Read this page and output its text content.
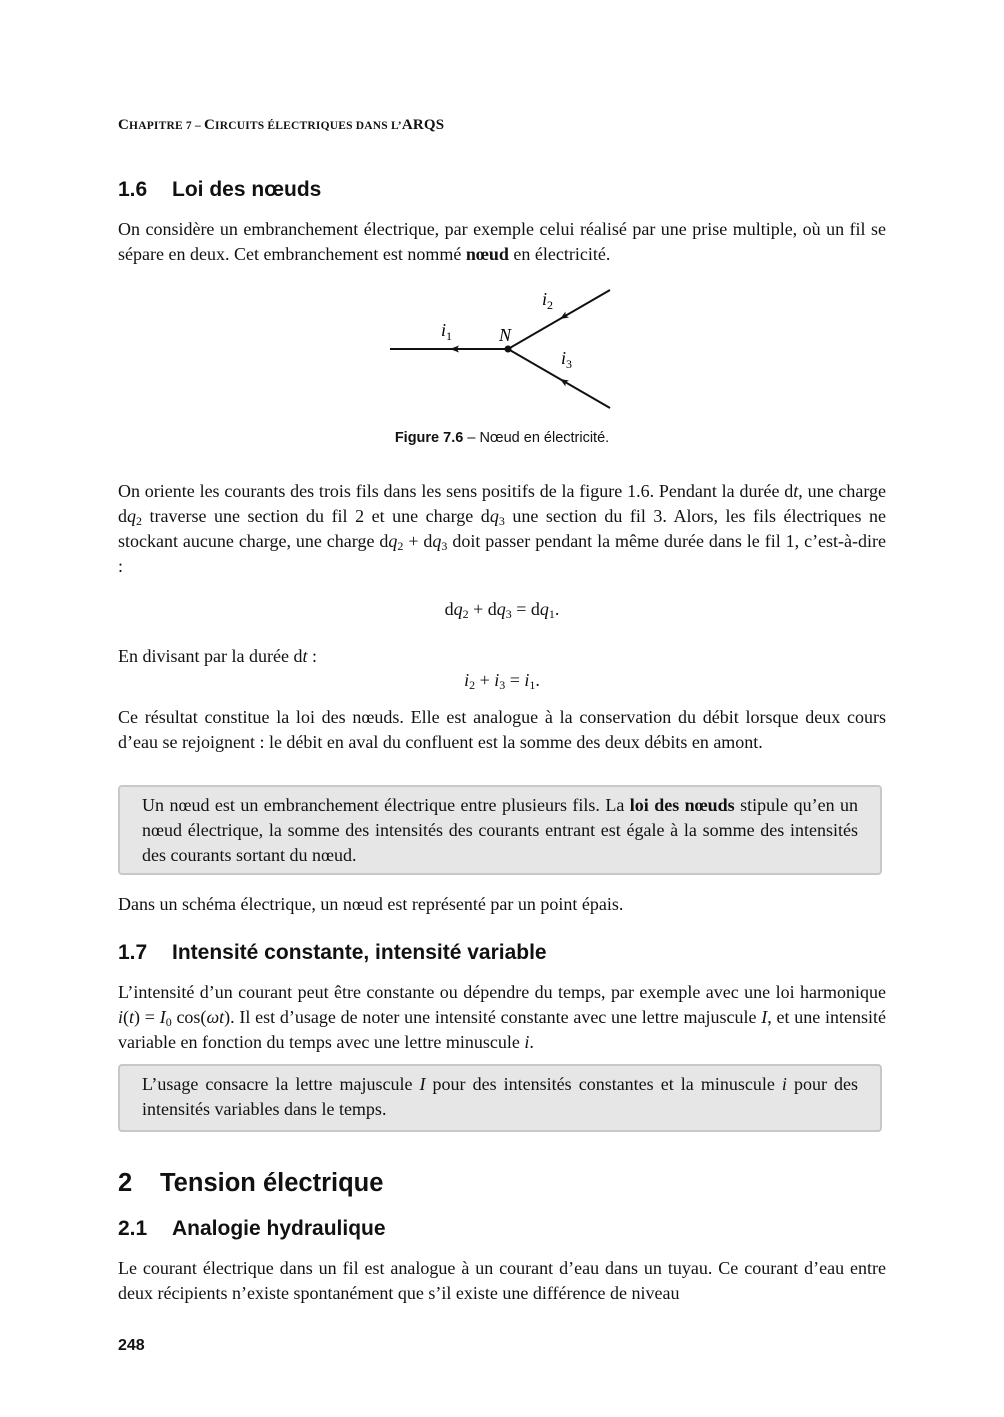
CHAPITRE 7 – CIRCUITS ÉLECTRIQUES DANS L’ARQS
1.6 Loi des nœuds
On considère un embranchement électrique, par exemple celui réalisé par une prise multiple, où un fil se sépare en deux. Cet embranchement est nommé nœud en électricité.
N
$i_1$
$i_2$
$i_3$
Figure 7.6 – Nœud en électricité.
On oriente les courants des trois fils dans les sens positifs de la figure 1.6. Pendant la durée dt, une charge $dq_2$ traverse une section du fil 2 et une charge $dq_3$ une section du fil 3. Alors, les fils électriques ne stockant aucune charge, une charge $dq_2 + dq_3$ doit passer pendant la même durée dans le fil 1, c’est-à-dire :
$dq_2 + dq_3 = dq_1$.
En divisant par la durée dt :
$i_2 + i_3 = i_1$.
Ce résultat constitue la loi des nœuds. Elle est analogue à la conservation du débit lorsque deux cours d’eau se rejoignent : le débit en aval du confluent est la somme des deux débits en amont.
Un nœud est un embranchement électrique entre plusieurs fils. La loi des nœuds stipule qu’en un nœud électrique, la somme des intensités des courants entrant est égale à la somme des intensités des courants sortant du nœud.
Dans un schéma électrique, un nœud est représenté par un point épais.
1.7 Intensité constante, intensité variable
L’intensité d’un courant peut être constante ou dépendre du temps, par exemple avec une loi harmonique $i(t) = I_0$ cos(ωt). Il est d’usage de noter une intensité constante avec une lettre majuscule I, et une intensité variable en fonction du temps avec une lettre minuscule i.
L’usage consacre la lettre majuscule I pour des intensités constantes et la minuscule i pour des intensités variables dans le temps.
2 Tension électrique
2.1 Analogie hydraulique
Le courant électrique dans un fil est analogue à un courant d’eau dans un tuyau. Ce courant d’eau entre deux récipients n’existe spontanément que s’il existe une différence de niveau
248
